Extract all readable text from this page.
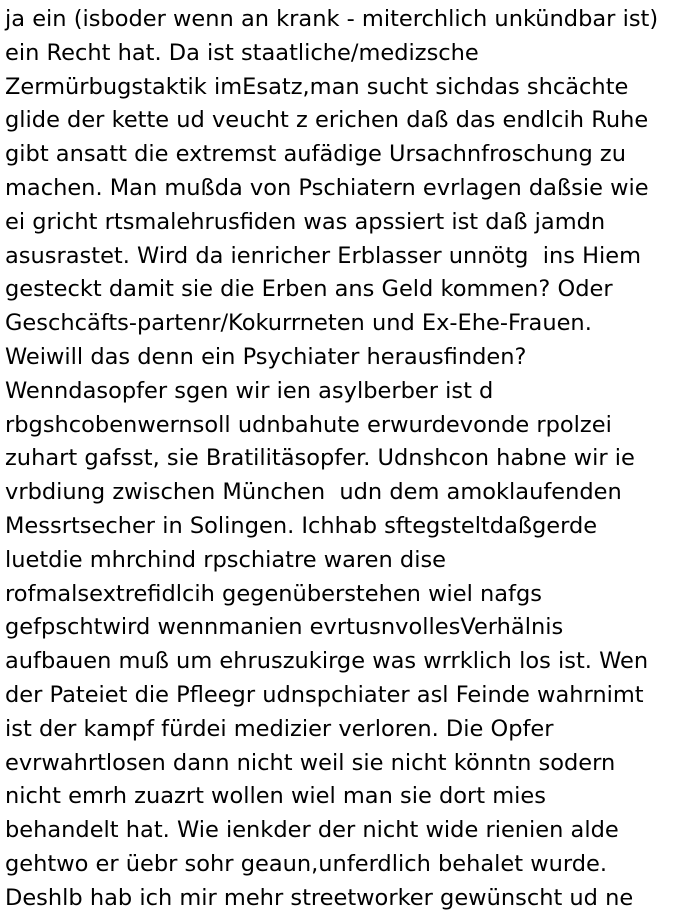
ja ein (isboder wenn an krank - miterchlich unkündbar ist)
ein Recht hat. Da ist staatliche/medizsche
Zermürbugstaktik imEsatz,man sucht sichdas shcächte
glide der kette ud veucht z erichen daß das endlcih Ruhe
gibt ansatt die extremst aufädige Ursachnfroschung zu
machen. Man mußda von Pschiatern evrlagen daßsie wie
ei gricht rtsmalehrusfiden was apssiert ist daß jamdn
asusrastet. Wird da ienricher Erblasser unnötg  ins Hiem
gesteckt damit sie die Erben ans Geld kommen? Oder
Geschcäfts-partenr/Kokurrneten und Ex-Ehe-Frauen.
Weiwill das denn ein Psychiater herausfinden?
Wenndasopfer sgen wir ien asylberber ist d
rbgshcobenwernsoll udnbahute erwurdevonde rpolzei
zuhart gafsst, sie Bratilitäsopfer. Udnshcon habne wir ie
vrbdiung zwischen München  udn dem amoklaufenden
Messrtsecher in Solingen. Ichhab sftegsteltdaßgerde
luetdie mhrchind rpschiatre waren dise
rofmalsextrefidlcih gegenüberstehen wiel nafgs
gefpschtwird wennmanien evrtusnvollesVerhälnis
aufbauen muß um ehruszukirge was wrrklich los ist. Wen
der Pateiet die Pfleegr udnspchiater asl Feinde wahrnimt
ist der kampf fürdei medizier verloren. Die Opfer
evrwahrtlosen dann nicht weil sie nicht könntn sodern
nicht emrh zuazrt wollen wiel man sie dort mies
behandelt hat. Wie ienkder der nicht wide rienien alde
gehtwo er üebr sohr geaun,unferdlich behalet wurde.
Deshlb hab ich mir mehr streetworker gewünscht ud ne
